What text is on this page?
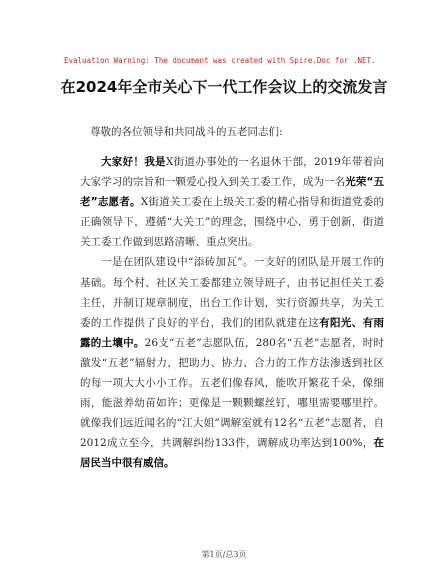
Evaluation Warning: The document was created with Spire.Doc for .NET.
在2024年全市关心下一代工作会议上的交流发言
尊敬的各位领导和共同战斗的五老同志们:

大家好！我是X街道办事处的一名退休干部，2019年带着向大家学习的宗旨和一颗爱心投入到关工委工作，成为一名光荣“五老”志愿者。X街道关工委在上级关工委的精心指导和街道党委的正确领导下，遵循“大关工”的理念，围绕中心、勇于创新，街道关工委工作做到思路清晰、重点突出。

一是在团队建设中“添砖加瓦”。一支好的团队是开展工作的基础。每个村、社区关工委都建立领导班子，由书记担任关工委主任，并制订规章制度，出台工作计划，实行资源共享，为关工委的工作提供了良好的平台，我们的团队就建在这有阳光、有雨露的土壤中。26支“五老”志愿队伍，280名“五老”志愿者，时时激发“五老”辐射力，把助力、协力、合力的工作方法渗透到社区的每一项大大小小工作。五老们像春风，能吹开繁花千朵，像细雨，能滋养幼苗如许；更像是一颗颗螺丝钉，哪里需要哪里拧。就像我们远近闻名的“江大姐”调解室就有12名“五老”志愿者，自2012成立至今，共调解纠纷133件，调解成功率达到100%，在居民当中很有威信。

第1页/总3页
